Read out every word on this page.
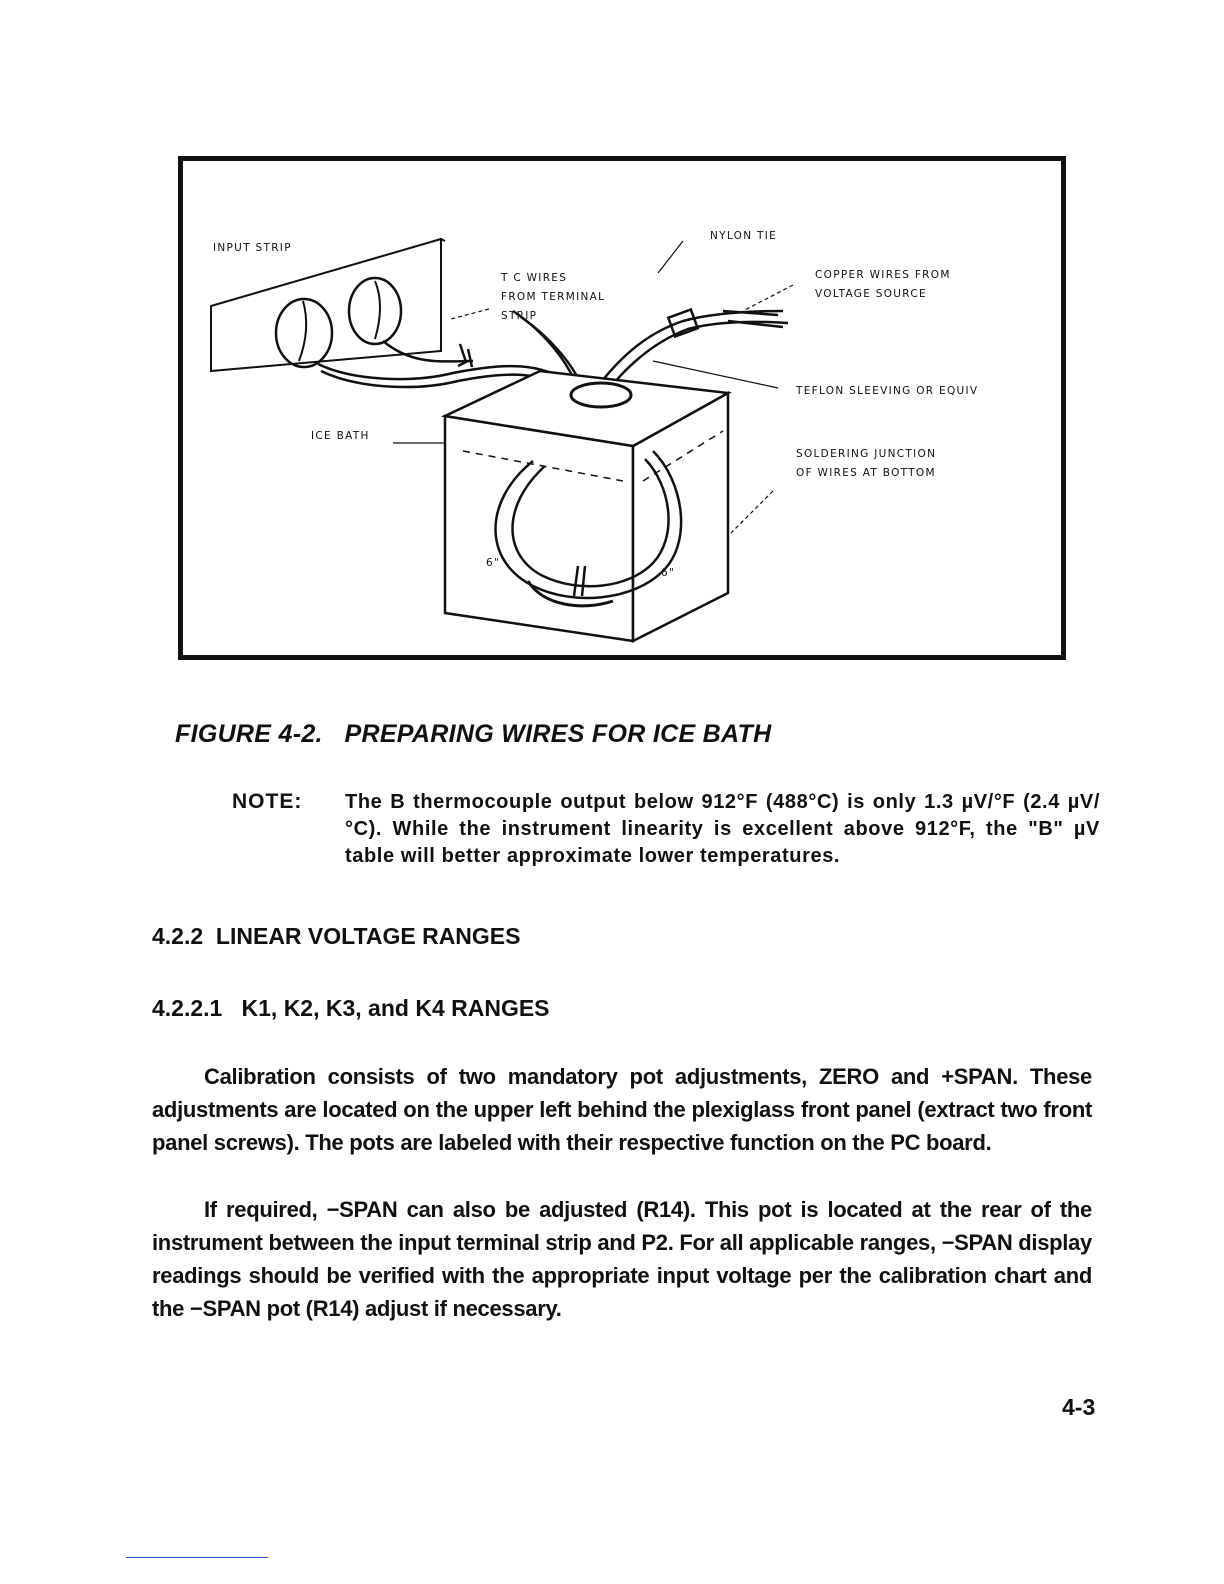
6"
6"
INPUT STRIP
NYLON TIE
T C WIRES
FROM TERMINAL
STRIP
COPPER WIRES FROM
VOLTAGE SOURCE
TEFLON SLEEVING OR EQUIV
ICE BATH
SOLDERING JUNCTION
OF WIRES AT BOTTOM
FIGURE 4-2.   PREPARING WIRES FOR ICE BATH
NOTE: The B thermocouple output below 912°F (488°C) is only 1.3 µV/°F (2.4 µV/°C). While the instrument linearity is excellent above 912°F, the "B" µV table will better approximate lower temperatures.
4.2.2  LINEAR VOLTAGE RANGES
4.2.2.1   K1, K2, K3, and K4 RANGES
Calibration consists of two mandatory pot adjustments, ZERO and +SPAN. These adjustments are located on the upper left behind the plexiglass front panel (extract two front panel screws). The pots are labeled with their respective function on the PC board.
If required, −SPAN can also be adjusted (R14). This pot is located at the rear of the instrument between the input terminal strip and P2. For all applicable ranges, −SPAN display readings should be verified with the appropriate input voltage per the calibration chart and the −SPAN pot (R14) adjust if necessary.
4-3
